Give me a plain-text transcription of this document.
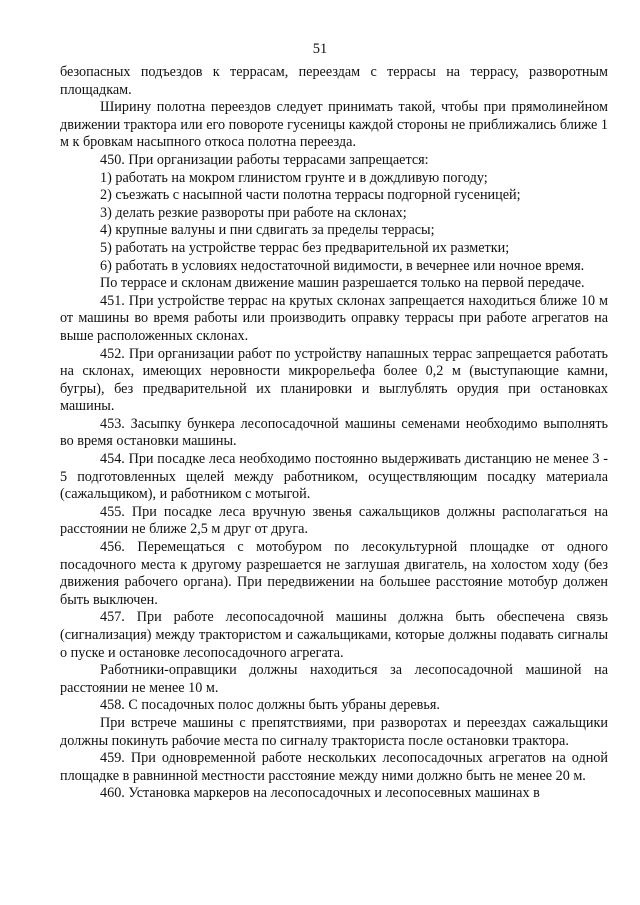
51

безопасных подъездов к террасам, переездам с террасы на террасу, разворотным площадкам.

Ширину полотна переездов следует принимать такой, чтобы при прямолинейном движении трактора или его повороте гусеницы каждой стороны не приближались ближе 1 м к бровкам насыпного откоса полотна переезда.

450. При организации работы террасами запрещается:

1) работать на мокром глинистом грунте и в дождливую погоду;

2) съезжать с насыпной части полотна террасы подгорной гусеницей;

3) делать резкие развороты при работе на склонах;

4) крупные валуны и пни сдвигать за пределы террасы;

5) работать на устройстве террас без предварительной их разметки;

6) работать в условиях недостаточной видимости, в вечернее или ночное время.

По террасе и склонам движение машин разрешается только на первой передаче.

451. При устройстве террас на крутых склонах запрещается находиться ближе 10 м от машины во время работы или производить оправку террасы при работе агрегатов на выше расположенных склонах.

452. При организации работ по устройству напашных террас запрещается работать на склонах, имеющих неровности микрорельефа более 0,2 м (выступающие камни, бугры), без предварительной их планировки и выглублять орудия при остановках машины.

453. Засыпку бункера лесопосадочной машины семенами необходимо выполнять во время остановки машины.

454. При посадке леса необходимо постоянно выдерживать дистанцию не менее 3 - 5 подготовленных щелей между работником, осуществляющим посадку материала (сажальщиком), и работником с мотыгой.

455. При посадке леса вручную звенья сажальщиков должны располагаться на расстоянии не ближе 2,5 м друг от друга.

456. Перемещаться с мотобуром по лесокультурной площадке от одного посадочного места к другому разрешается не заглушая двигатель, на холостом ходу (без движения рабочего органа). При передвижении на большее расстояние мотобур должен быть выключен.

457. При работе лесопосадочной машины должна быть обеспечена связь (сигнализация) между трактористом и сажальщиками, которые должны подавать сигналы о пуске и остановке лесопосадочного агрегата.

Работники-оправщики должны находиться за лесопосадочной машиной на расстоянии не менее 10 м.

458. С посадочных полос должны быть убраны деревья.

При встрече машины с препятствиями, при разворотах и переездах сажальщики должны покинуть рабочие места по сигналу тракториста после остановки трактора.

459. При одновременной работе нескольких лесопосадочных агрегатов на одной площадке в равнинной местности расстояние между ними должно быть не менее 20 м.

460. Установка маркеров на лесопосадочных и лесопосевных машинах в
